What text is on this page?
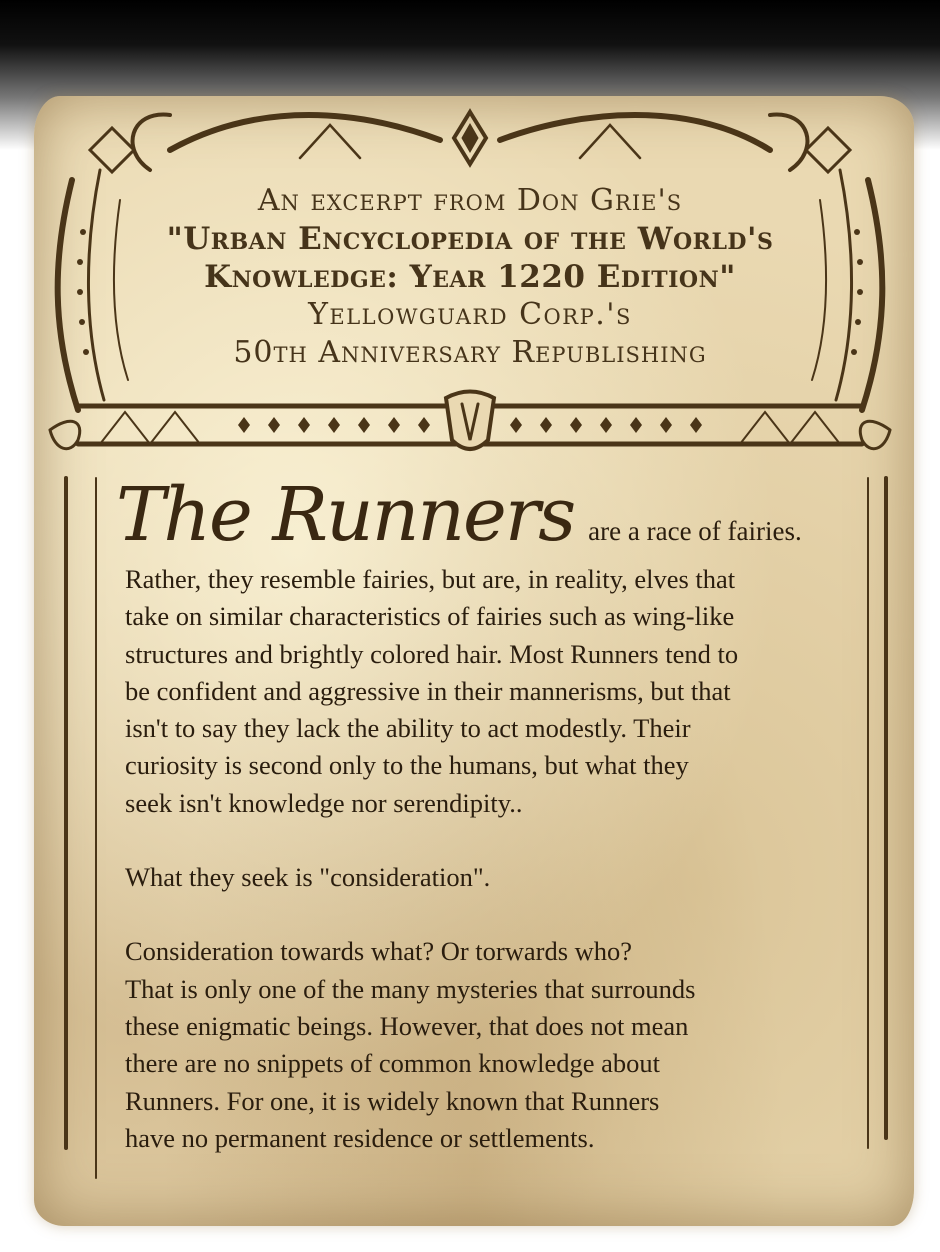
An excerpt from Don Grie's
"Urban Encyclopedia of the World's
Knowledge: Year 1220 Edition"
Yellowguard Corp.'s
50th Anniversary Republishing
The Runners are a race of fairies.

Rather, they resemble fairies, but are, in reality, elves that

take on similar characteristics of fairies such as wing-like

structures and brightly colored hair. Most Runners tend to

be confident and aggressive in their mannerisms, but that

isn't to say they lack the ability to act modestly. Their

curiosity is second only to the humans, but what they

seek isn't knowledge nor serendipity..

What they seek is "consideration".

Consideration towards what? Or torwards who?

That is only one of the many mysteries that surrounds

these enigmatic beings. However, that does not mean

there are no snippets of common knowledge about

Runners. For one, it is widely known that Runners

have no permanent residence or settlements.
